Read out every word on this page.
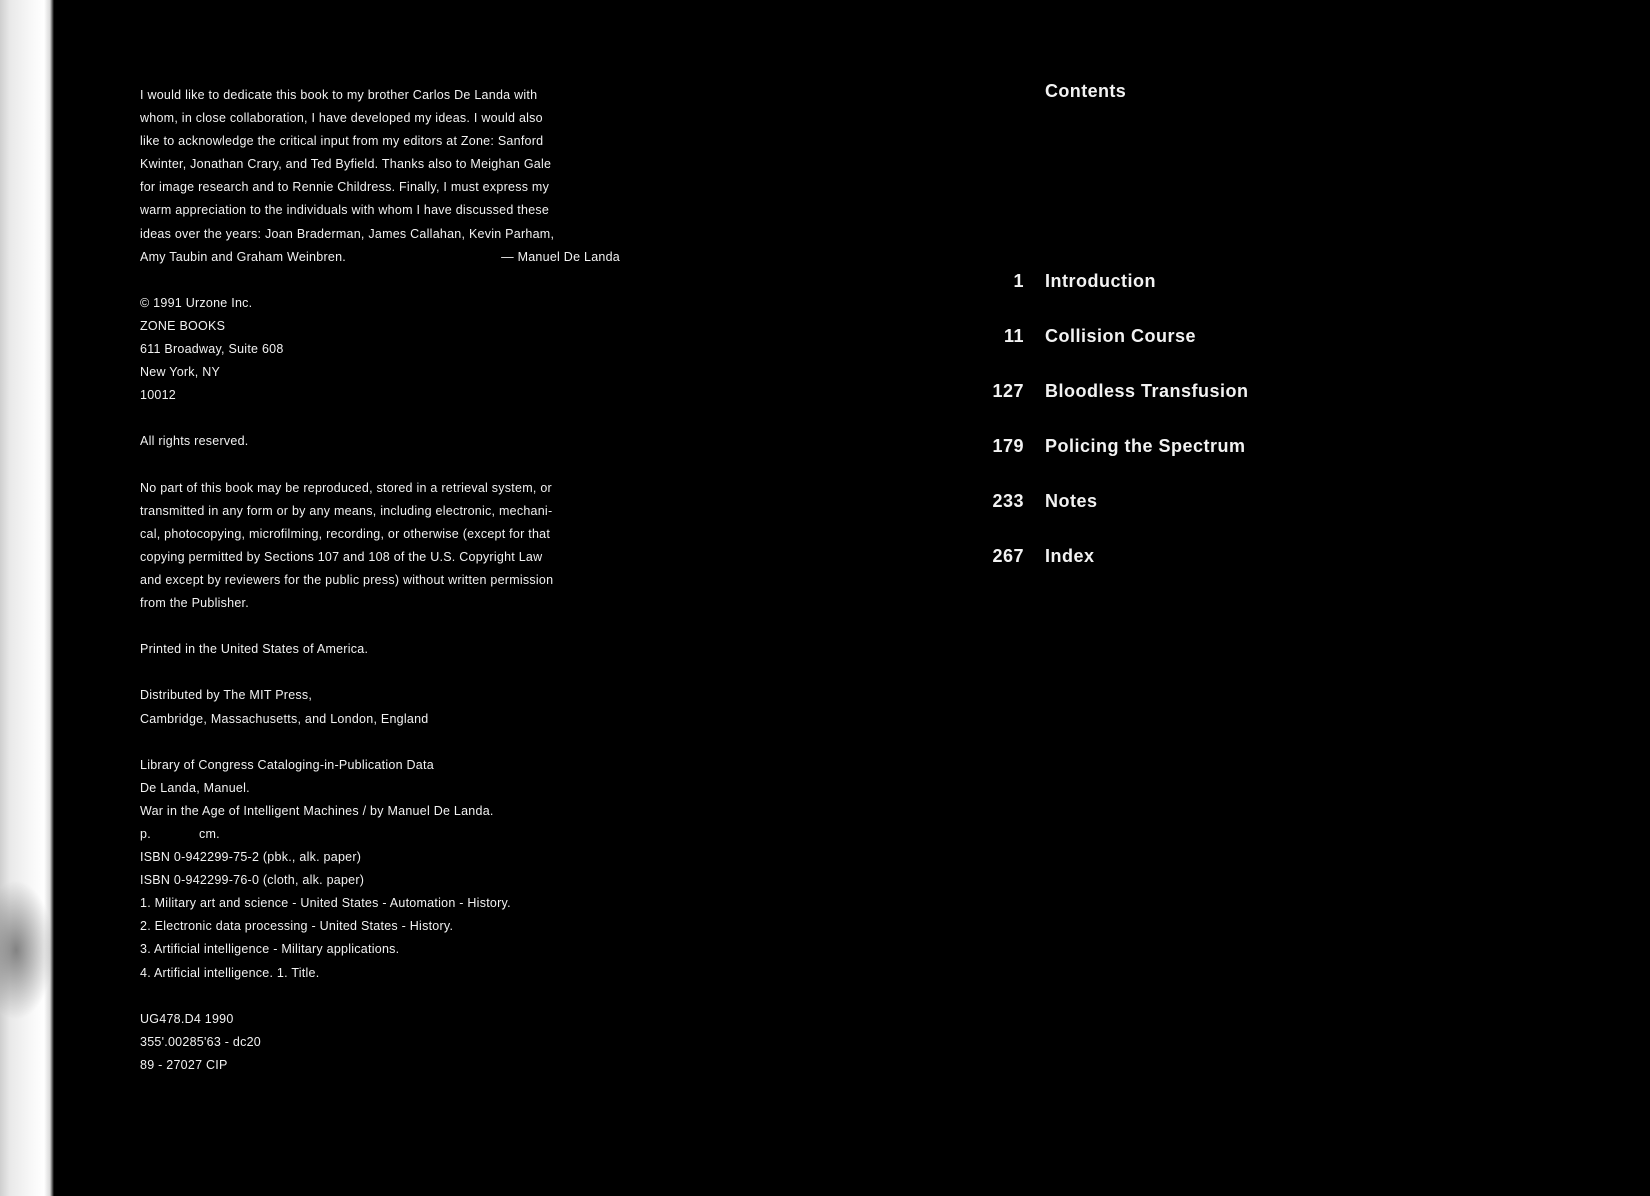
I would like to dedicate this book to my brother Carlos De Landa with

whom, in close collaboration, I have developed my ideas. I would also

like to acknowledge the critical input from my editors at Zone: Sanford

Kwinter, Jonathan Crary, and Ted Byfield. Thanks also to Meighan Gale

for image research and to Rennie Childress. Finally, I must express my

warm appreciation to the individuals with whom I have discussed these

ideas over the years: Joan Braderman, James Callahan, Kevin Parham,

Amy Taubin and Graham Weinbren.	— Manuel De Landa

© 1991 Urzone Inc.

ZONE BOOKS

611 Broadway, Suite 608

New York, NY

10012

All rights reserved.

No part of this book may be reproduced, stored in a retrieval system, or

transmitted in any form or by any means, including electronic, mechani-

cal, photocopying, microfilming, recording, or otherwise (except for that

copying permitted by Sections 107 and 108 of the U.S. Copyright Law

and except by reviewers for the public press) without written permission

from the Publisher.

Printed in the United States of America.

Distributed by The MIT Press,

Cambridge, Massachusetts, and London, England

Library of Congress Cataloging-in-Publication Data

De Landa, Manuel.

War in the Age of Intelligent Machines / by Manuel De Landa.

p.	cm.

ISBN 0-942299-75-2 (pbk., alk. paper)

ISBN 0-942299-76-0 (cloth, alk. paper)

1. Military art and science - United States - Automation - History.

2. Electronic data processing - United States - History.

3. Artificial intelligence - Military applications.

4. Artificial intelligence. 1. Title.

UG478.D4 1990

355'.00285'63 - dc20

89 - 27027 CIP

Contents
1 Introduction
11 Collision Course
127 Bloodless Transfusion
179 Policing the Spectrum
233 Notes
267 Index
